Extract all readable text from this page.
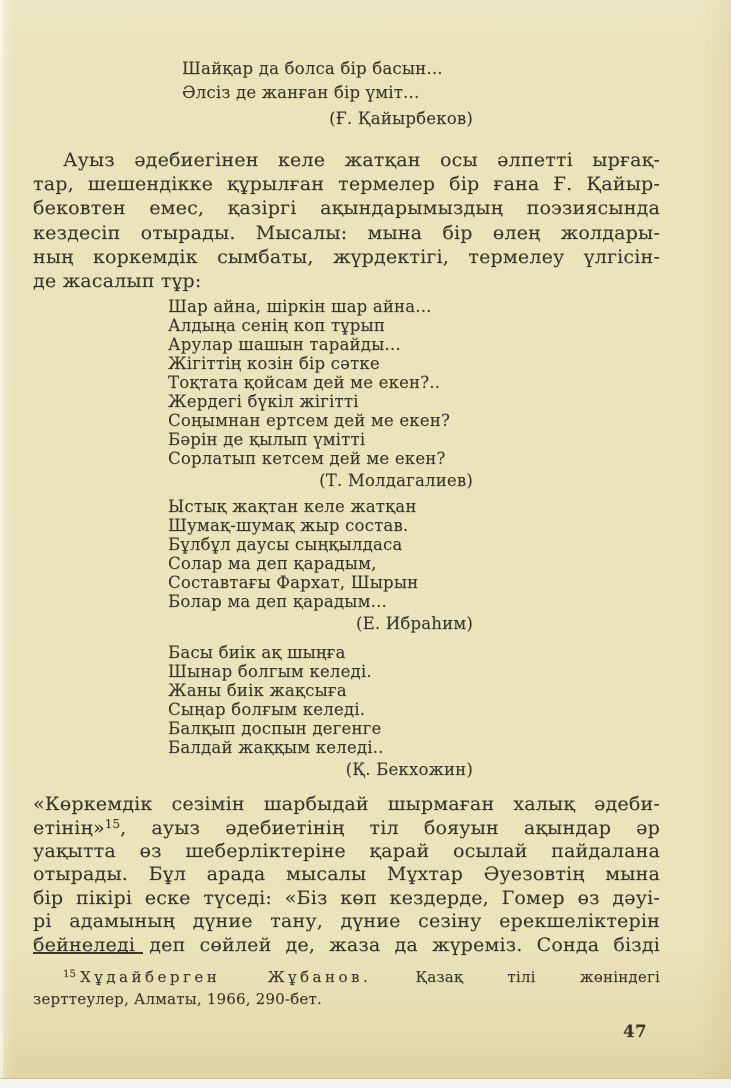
Шайқар да болса бір басын...
Әлсіз де жанған бір үміт...
(Ғ. Қайырбеков)
Ауыз әдебиегінен келе жатқан осы әлпетті ырғақ-
тар, шешендікке құрылған термелер бір ғана Ғ. Қайыр-
бековтен емес, қазіргі ақындарымыздың поэзиясында
кездесіп отырады. Мысалы: мына бір өлең жолдары-
ның коркемдік сымбаты, жүрдектігі, термелеу үлгісін-
де жасалып тұр:
Шар айна, шіркін шар айна...
Алдыңа сенің коп тұрып
Арулар шашын тарайды...
Жігіттің козін бір сәтке
Тоқтата қойсам дей ме екен?..
Жердегі бүкіл жігітті
Соңымнан ертсем дей ме екен?
Бәрін де қылып үмітті
Сорлатып кетсем дей ме екен?
(Т. Молдагалиев)
Ыстық жақтан келе жатқан
Шумақ-шумақ жыр состав.
Бұлбұл даусы сыңқылдаса
Солар ма деп қарадым,
Составтағы Фархат, Шырын
Болар ма деп қарадым...
(Е. Ибраһим)
Басы биік ақ шыңға
Шынар болгым келеді.
Жаны биік жақсыға
Сыңар болғым келеді.
Балқып доспын дегенге
Балдай жаққым келеді..
(Қ. Бекхожин)
«Көркемдік сезімін шарбыдай шырмаған халық әдеби-
етінің»$^{15}$, ауыз әдебиетінің тіл бояуын ақындар әр
уақытта өз шеберліктеріне қарай осылай пайдалана
отырады. Бұл арада мысалы Мұхтар Әуезовтің мына
бір пікірі еске түседі: «Біз көп кездерде, Гомер өз дәуі-
рі адамының дүние тану, дүние сезіну ерекшеліктерін
бейнеледі деп сөйлей де, жаза да жүреміз. Сонда бізді
$^{15}$ Хұдайберген Жұбанов.	Қазақ тілі жөніндегі
зерттеулер, Алматы, 1966, 290-бет.
47
